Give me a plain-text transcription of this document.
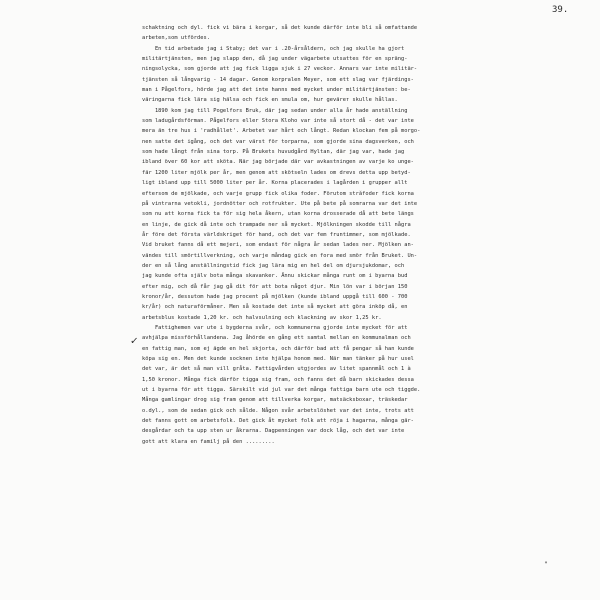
39.
✓
schaktning och dyl. fick vi bära i korgar, så det kunde därför inte bli så omfattande
arbeten,som utfördes.
En tid arbetade jag i Staby; det var i .20-årsåldern, och jag skulle ha gjort
militärtjänsten, men jag slapp den, då jag under vägarbete utsattes för en spräng-
ningsolycka, som gjorde att jag fick ligga sjuk i 27 veckor. Annars var inte militär-
tjänsten så långvarig - 14 dagar. Genom korpralen Meyer, som ett slag var fjärdings-
man i Pågelfors, hörde jag att det inte hanns med mycket under militärtjänsten: be-
väringarna fick lära sig hälsa och fick en smula om, hur gevärет skulle hållas.
1890 kom jag till Pogelfors Bruk, där jag sedan under alla år hade anställning
som ladugårdsförman. Pågelfors eller Stora Kloho var inte så stort då - det var inte
mera än tre hus i 'radhållet'. Arbetet var hårt och långt. Redan klockan fem på morgo-
nen satte det igång, och det var värst för torparna, som gjorde sina dagsverken, och
som hade långt från sina torp. På Brukets huvudgård Hyltan, där jag var, hade jag
ibland över 60 kor att sköta. När jag började där var avkastningen av varje ko unge-
fär 1200 liter mjölk per år, men genom att skötseln lades om drevs detta upp betyd-
ligt ibland upp till 5000 liter per år. Korna placerades i lagården i grupper allt
eftersom de mjölkade, och varje grupp fick olika foder. Förutom străfoder fick korna
på vintrarna vetokli, jordnötter och rotfrukter. Ute på bete på somrarna var det inte
som nu att korna fick ta för sig hela åkern, utan korna drosserade då att bete längs
en linje, de gick då inte och trampade ner så mycket. Mjölkningen skodde till några
år före det första världskriget för hand, och det var fem fruntimmer, som mjölkade.
Vid bruket fanns då ett mejeri, som endast för några år sedan lades ner. Mjölken an-
vändes till smörtillverkning, och varje måndag gick en fora med smör från Bruket. Un-
der en så lång anställningstid fick jag lära mig en hel del om djursjukdomar, och
jag kunde ofta själv bota många skavanker. Ännu skickar många runt om i byarna bud
efter mig, och då får jag gå dit för att bota något djur. Min lön var i början 150
kronor/år, dessutom hade jag procent på mjölken (kunde ibland uppgå till 600 - 700
kr/år) och naturaförmåner. Men så kostade det inte så mycket att göra inköp då, en
arbetsblus kostade 1,20 kr. och halvsulning och klackning av skor 1,25 kr.
Fattighemen var ute i bygderna svår, och kommunerna gjorde inte mycket för att
avhjälpa missförhållandena. Jag åhörde en gång ett samtal mellan en kommunalman och
en fattig man, som ej ägde en hel skjorta, och därför bad att få pengar så han kunde
köpa sig en. Men det kunde socknen inte hjälpa honom med. När man tänker på hur usel
det var, är det så man vill gråta. Fattigvården utgjordes av litet spannmål och 1 à
1,50 kronor. Många fick därför tigga sig fram, och fanns det då barn skickades dessa
ut i byarna för att tigga. Särskilt vid jul var det många fattiga barn ute och tiggde.
Många gamlingar drog sig fram genom att tillverka korgar, matsäcksboxar, träskedar
o.dyl., som de sedan gick och sålde. Någon svår arbetslöshet var det inte, trots att
det fanns gott om arbetsfolk. Det gick åt mycket folk att röja i hagarna, många gär-
desgårdar och ta upp sten ur åkrarna. Dagpenningen var dock låg, och det var inte
gott att klara en familj på den .........
"
